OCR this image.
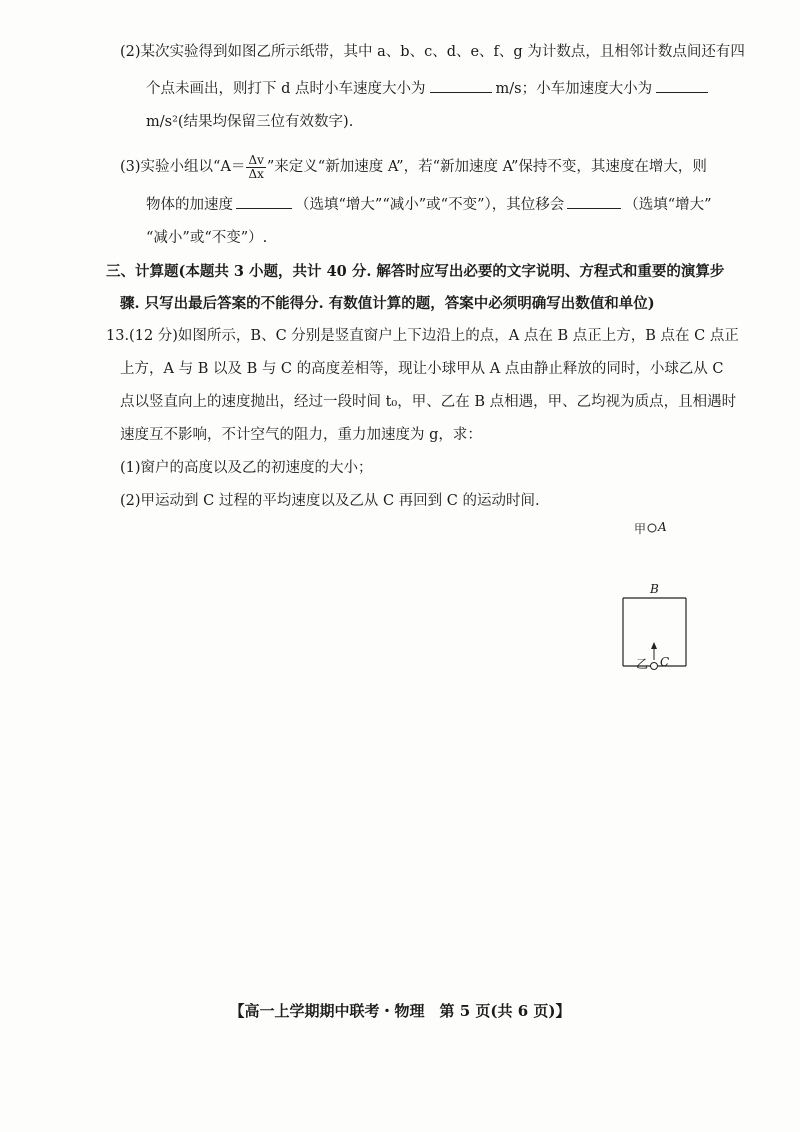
(2)某次实验得到如图乙所示纸带，其中 a、b、c、d、e、f、g 为计数点，且相邻计数点间还有四
个点未画出，则打下 d 点时小车速度大小为	m/s；小车加速度大小为
m/s²(结果均保留三位有效数字).
(3)实验小组以“$A= \frac{\Delta v}{\Delta x}$ ”来定义“新加速度 A”，若“新加速度 A”保持不变，其速度在增大，则
物体的加速度	（选填“增大”“减小”或“不变”），其位移会	（选填“增大”
“减小”或“不变”）.
三、计算题(本题共 3 小题，共计 40 分. 解答时应写出必要的文字说明、方程式和重要的演算步
骤. 只写出最后答案的不能得分. 有数值计算的题，答案中必须明确写出数值和单位)
13.(12 分)如图所示，B、C 分别是竖直窗户上下边沿上的点，A 点在 B 点正上方，B 点在 C 点正
上方，A 与 B 以及 B 与 C 的高度差相等，现让小球甲从 A 点由静止释放的同时，小球乙从 C
点以竖直向上的速度抛出，经过一段时间 t₀，甲、乙在 B 点相遇，甲、乙均视为质点，且相遇时
速度互不影响，不计空气的阻力，重力加速度为 g，求：
(1)窗户的高度以及乙的初速度的大小；
(2)甲运动到 C 过程的平均速度以及乙从 C 再回到 C 的运动时间.
甲 A
B
乙 C
【高一上学期期中联考・物理　第 5 页(共 6 页)】
